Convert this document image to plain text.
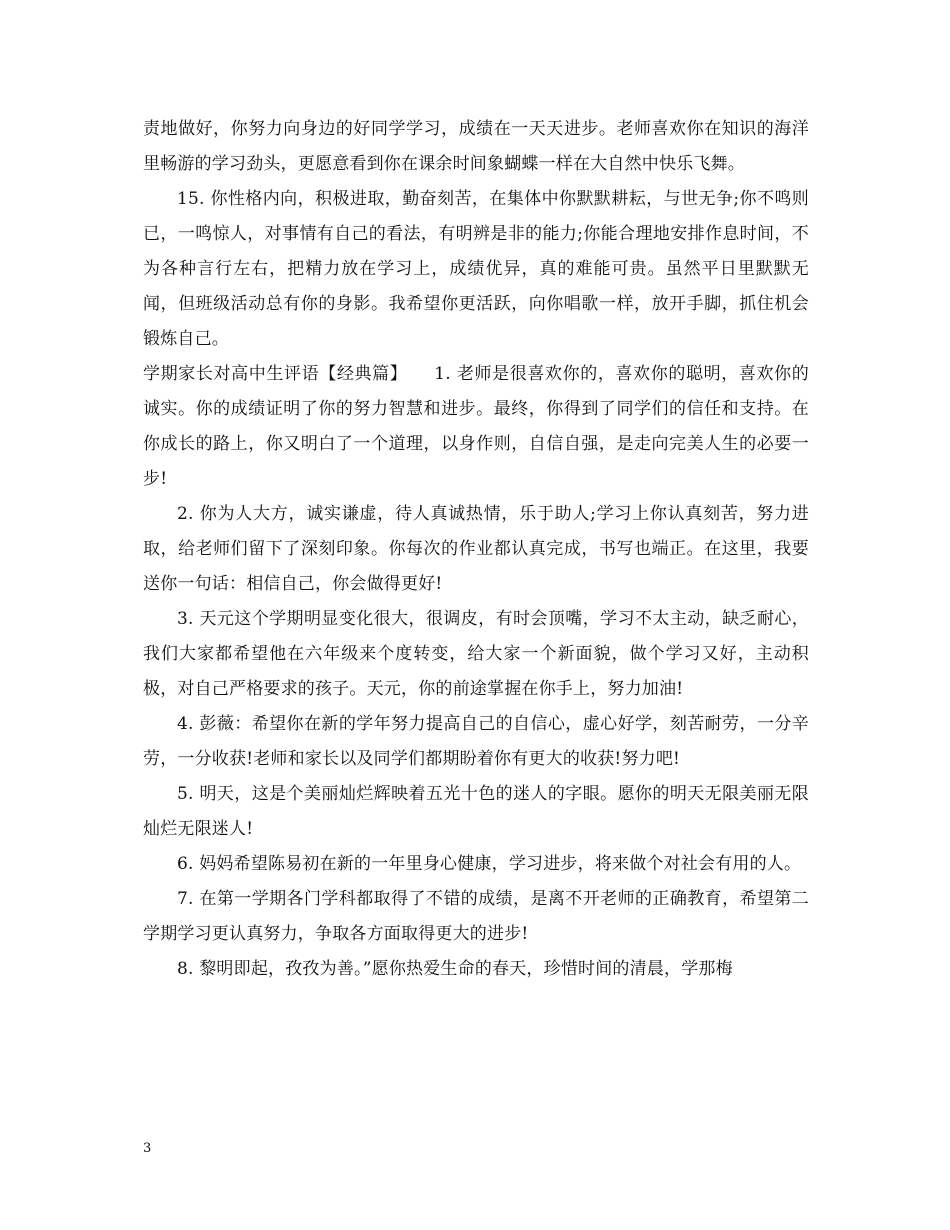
责地做好，你努力向身边的好同学学习，成绩在一天天进步。老师喜欢你在知识的海洋里畅游的学习劲头，更愿意看到你在课余时间象蝴蝶一样在大自然中快乐飞舞。

15. 你性格内向，积极进取，勤奋刻苦，在集体中你默默耕耘，与世无争;你不鸣则已，一鸣惊人，对事情有自己的看法，有明辨是非的能力;你能合理地安排作息时间，不为各种言行左右，把精力放在学习上，成绩优异，真的难能可贵。虽然平日里默默无闻，但班级活动总有你的身影。我希望你更活跃，向你唱歌一样，放开手脚，抓住机会锻炼自己。

学期家长对高中生评语【经典篇】　　1. 老师是很喜欢你的，喜欢你的聪明，喜欢你的诚实。你的成绩证明了你的努力智慧和进步。最终，你得到了同学们的信任和支持。在你成长的路上，你又明白了一个道理，以身作则，自信自强，是走向完美人生的必要一步!

2. 你为人大方，诚实谦虚，待人真诚热情，乐于助人;学习上你认真刻苦，努力进取，给老师们留下了深刻印象。你每次的作业都认真完成，书写也端正。在这里，我要送你一句话：相信自己，你会做得更好!

3. 天元这个学期明显变化很大，很调皮，有时会顶嘴，学习不太主动，缺乏耐心，我们大家都希望他在六年级来个度转变，给大家一个新面貌，做个学习又好，主动积极，对自己严格要求的孩子。天元，你的前途掌握在你手上，努力加油!

4. 彭薇：希望你在新的学年努力提高自己的自信心，虚心好学，刻苦耐劳，一分辛劳，一分收获!老师和家长以及同学们都期盼着你有更大的收获!努力吧!

5. 明天，这是个美丽灿烂辉映着五光十色的迷人的字眼。愿你的明天无限美丽无限灿烂无限迷人!

6. 妈妈希望陈易初在新的一年里身心健康，学习进步，将来做个对社会有用的人。

7. 在第一学期各门学科都取得了不错的成绩，是离不开老师的正确教育，希望第二学期学习更认真努力，争取各方面取得更大的进步!

8. 黎明即起，孜孜为善。”愿你热爱生命的春天，珍惜时间的清晨，学那梅

3
